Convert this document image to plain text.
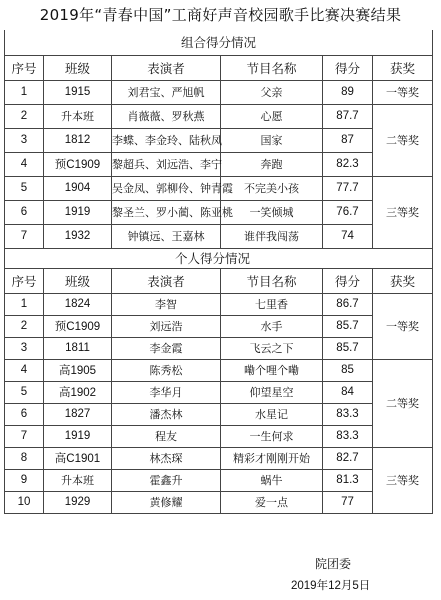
2019年“青春中国”工商好声音校园歌手比赛决赛结果
组合得分情况					
序号	班级	表演者	节目名称	得分	获奖
1	1915	刘君宝、严旭帆	父亲	89	一等奖
2	升本班	肖薇薇、罗秋燕	心愿	87.7	二等奖
3	1812	李蝶、李金玲、陆秋凤	国家	87	
4	预C1909	黎超兵、刘远浩、李宁	奔跑	82.3	
5	1904	吴金凤、郭柳伶、钟青霞	不完美小孩	77.7	三等奖
6	1919	黎圣兰、罗小蔺、陈亚桃	一笑倾城	76.7	
7	1932	钟镇远、王嘉林	谁伴我闯荡	74	
个人得分情况					
序号	班级	表演者	节目名称	得分	获奖
1	1824	李智	七里香	86.7	一等奖
2	预C1909	刘远浩	水手	85.7	
3	1811	李金霞	飞云之下	85.7	
4	高1905	陈秀松	嘞个哩个嘞	85	二等奖
5	高1902	李华月	仰望星空	84	
6	1827	潘杰林	水星记	83.3	
7	1919	程友	一生何求	83.3	
8	高C1901	林杰琛	精彩才刚刚开始	82.7	三等奖
9	升本班	霍鑫升	蜗牛	81.3	
10	1929	黄修耀	爱一点	77	
院团委
2019年12月5日
